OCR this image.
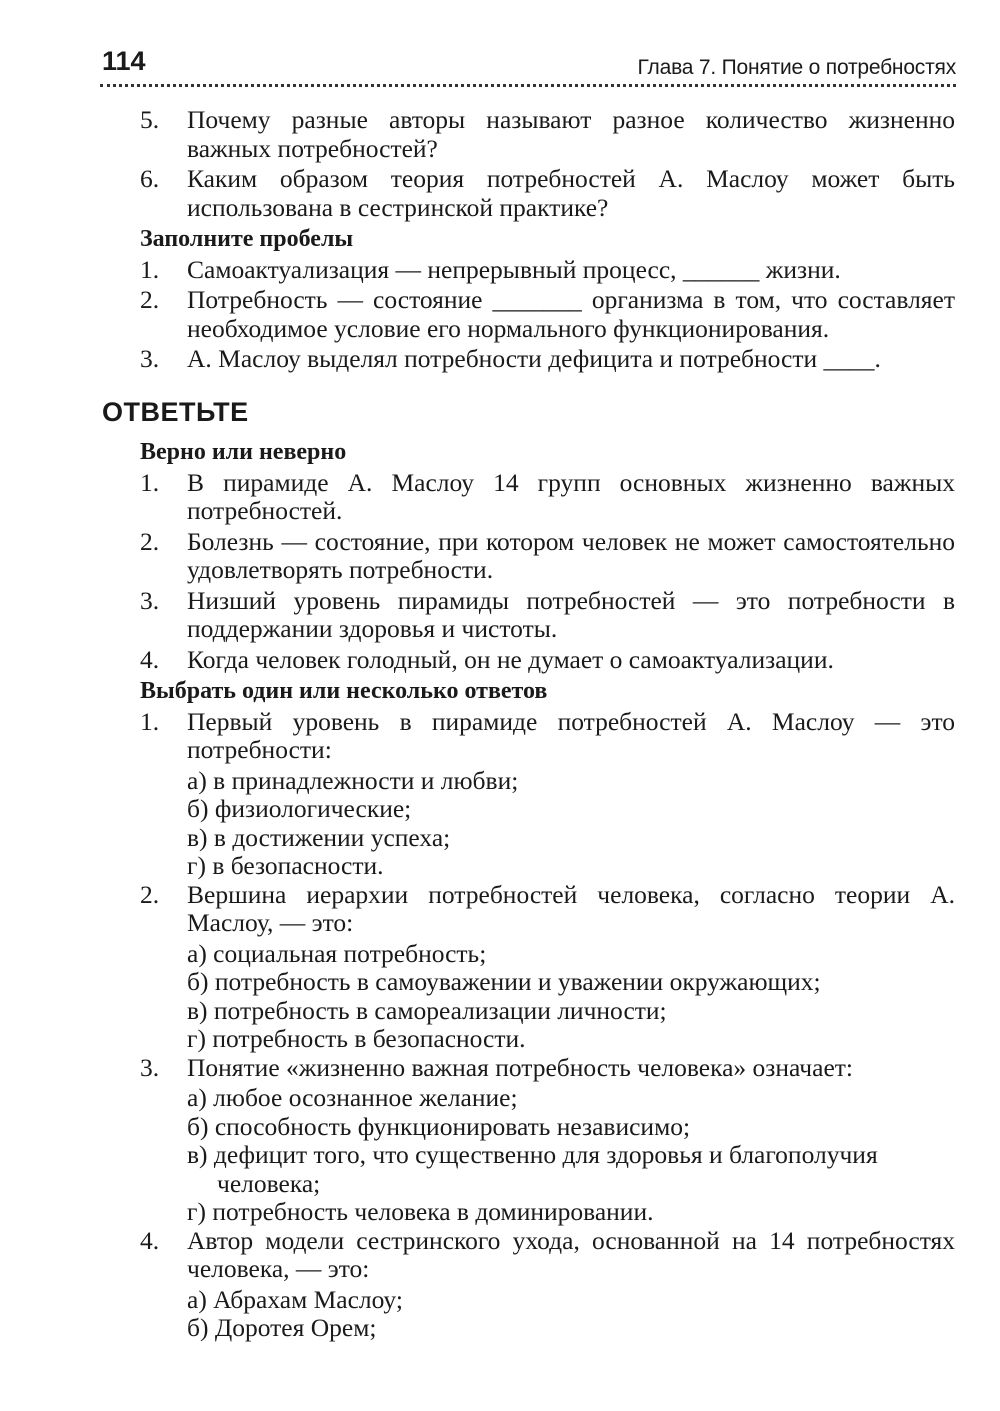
114	Глава 7. Понятие о потребностях
5.	Почему разные авторы называют разное количество жизненно важных потребностей?
6.	Каким образом теория потребностей А. Маслоу может быть использована в сестринской практике?
Заполните пробелы
1.	Самоактуализация — непрерывный процесс, ______ жизни.
2.	Потребность — состояние _______ организма в том, что составляет необходимое условие его нормального функционирования.
3.	А. Маслоу выделял потребности дефицита и потребности ____.
ОТВЕТЬТЕ
Верно или неверно
1.	В пирамиде А. Маслоу 14 групп основных жизненно важных потребностей.
2.	Болезнь — состояние, при котором человек не может самостоятельно удовлетворять потребности.
3.	Низший уровень пирамиды потребностей — это потребности в поддержании здоровья и чистоты.
4.	Когда человек голодный, он не думает о самоактуализации.
Выбрать один или несколько ответов
1.	Первый уровень в пирамиде потребностей А. Маслоу — это потребности:
а) в принадлежности и любви;
б) физиологические;
в) в достижении успеха;
г) в безопасности.
2.	Вершина иерархии потребностей человека, согласно теории А. Маслоу, — это:
а) социальная потребность;
б) потребность в самоуважении и уважении окружающих;
в) потребность в самореализации личности;
г) потребность в безопасности.
3.	Понятие «жизненно важная потребность человека» означает:
а) любое осознанное желание;
б) способность функционировать независимо;
в) дефицит того, что существенно для здоровья и благополучия
человека;
г) потребность человека в доминировании.
4.	Автор модели сестринского ухода, основанной на 14 потребностях человека, — это:
а) Абрахам Маслоу;
б) Доротея Орем;
